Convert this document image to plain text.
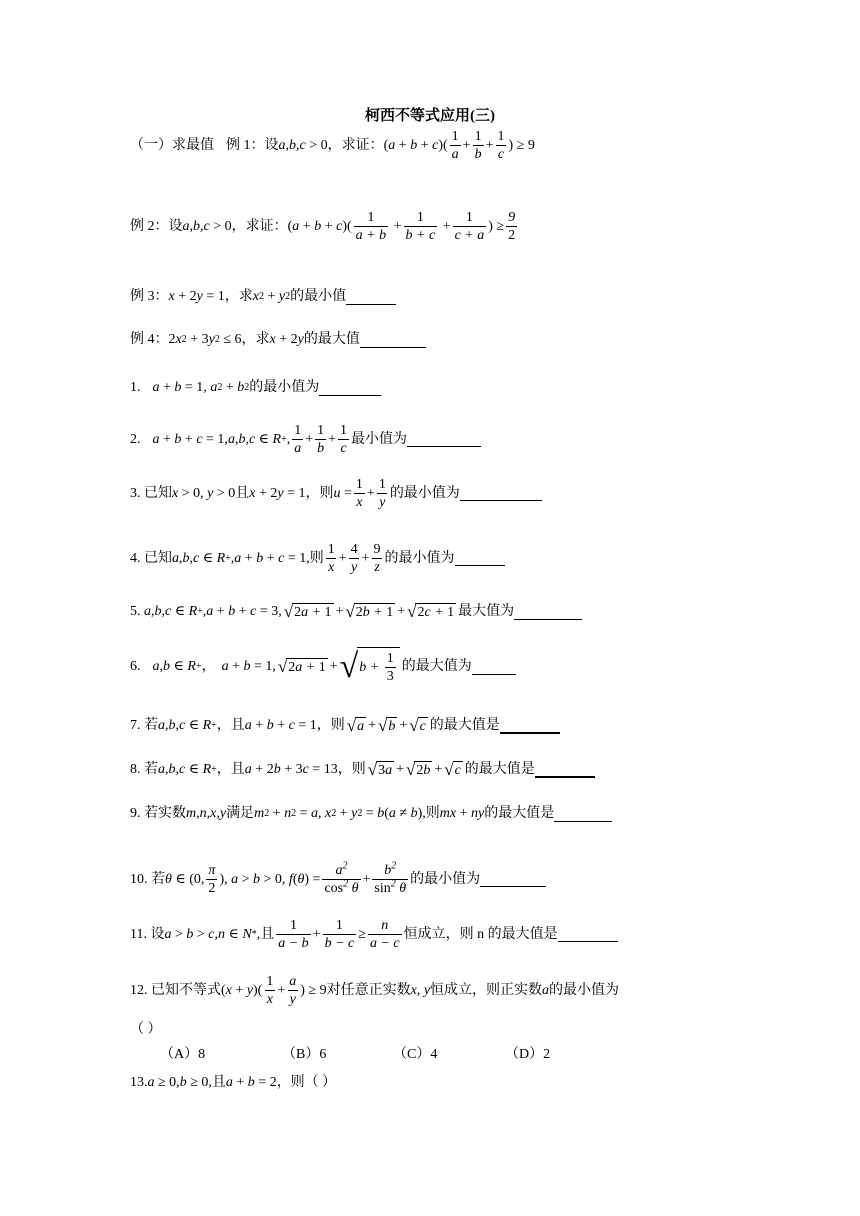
柯西不等式应用(三)
（一）求最值 例 1：设 a , b , c > 0 ，求证： ( a + b + c )( $\frac{1}{a} + \frac{1}{b} + \frac{1}{c}$ ) ≥ 9
例 2：设 a , b , c > 0 ，求证： ( a + b + c )( $\frac{1}{a + b} + \frac{1}{b + c} + \frac{1}{c + a}$ ) ≥ $\frac{9}{2}$
例 3： x + 2 y = 1 ，求 x 2 + y 2 的最小值
例 4： 2 x 2 + 3 y 2 ≤ 6 ，求 x + 2 y 的最大值
1. a + b = 1, a 2 + b 2 的最小值为
2. a + b + c = 1, a , b , c ∈ R + , $\frac{1}{a} + \frac{1}{b} + \frac{1}{c}$ 最小值为
3. 已知 x > 0, y > 0 且 x + 2 y = 1 ，则 $u = \frac{1}{x} + \frac{1}{y}$ 的最小值为
4. 已知 a , b , c ∈ R + , a + b + c = 1, 则 $\frac{1}{x} + \frac{4}{y} + \frac{9}{z}$ 的最小值为
5.
a , b , c ∈ R + , a + b + c = 3, √ 2a + 1 + √ 2b + 1 + √ 2c + 1 最大值为
6. a , b ∈ R + ， a + b = 1, √ 2a + 1 + √ $b + \frac{1}{3}$ 的最大值为
7. 若 a , b , c ∈ R + ，且 a + b + c = 1 ，则 √ a + √ b + √ c 的最大值是
8. 若 a , b , c ∈ R + ，且 a + 2 b + 3 c = 13 ，则 √ 3a + √ 2b + √ c 的最大值是
9. 若实数 m , n , x , y 满足 m 2 + n 2 = a , x 2 + y 2 = b ( a ≠ b ), 则 mx + ny 的最大值是
10. 若 θ ∈ (0, $\frac{\pi}{2}$ ), a > b > 0, f ( θ ) = $\frac{a^2}{\cos^2 \theta} + \frac{b^2}{\sin^2 \theta}$ 的最小值为
11. 设 a > b > c , n ∈ N * , 且 $\frac{1}{a - b} + \frac{1}{b - c} \ge \frac{n}{a - c}$ 恒成立，则 n 的最大值是
12. 已知不等式 ( x + y )( $\frac{1}{x} + \frac{a}{y}$ ) ≥ 9 对任意正实数 x , y 恒成立，则正实数 a 的最小值为
（ ）
（A）8	（B）6	（C）4	（D）2
13. a ≥ 0, b ≥ 0, 且 a + b = 2 ，则（ ）
